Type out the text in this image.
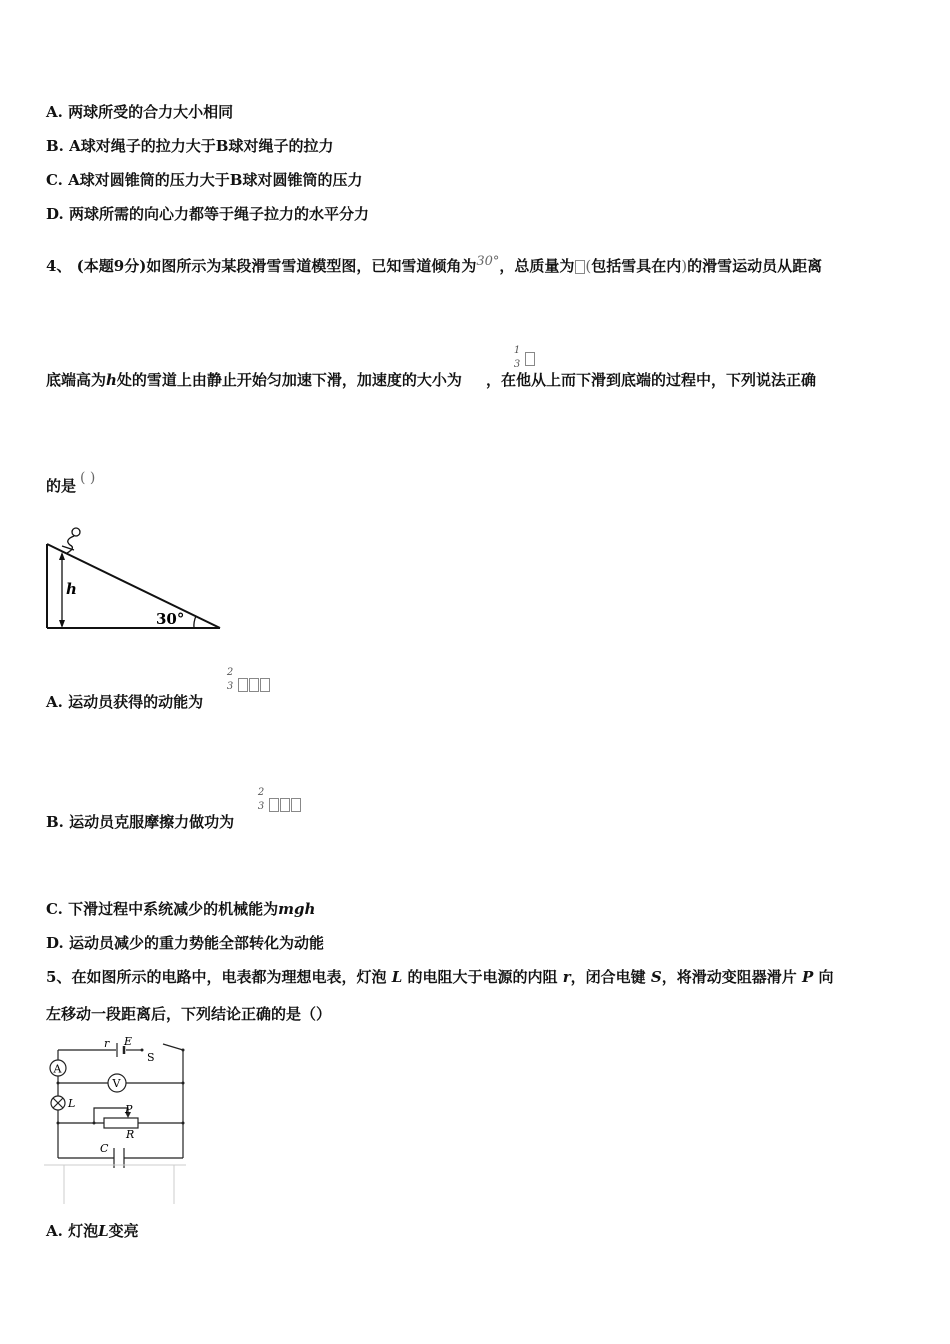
A. 两球所受的合力大小相同
B. A球对绳子的拉力大于B球对绳子的拉力
C. A球对圆锥筒的压力大于B球对圆锥筒的压力
D. 两球所需的向心力都等于绳子拉力的水平分力
4、 (本题9分)如图所示为某段滑雪雪道模型图，已知雪道倾角为30°，总质量为 (包括雪具在内)的滑雪运动员从距离
1
3
底端高为h处的雪道上由静止开始匀加速下滑，加速度的大小为 ，在他从上而下滑到底端的过程中，下列说法正确
的是 ( )
h
30°
2
3
A. 运动员获得的动能为
2
3
B. 运动员克服摩擦力做功为
C. 下滑过程中系统减少的机械能为mgh
D. 运动员减少的重力势能全部转化为动能
5、在如图所示的电路中，电表都为理想电表，灯泡 L 的电阻大于电源的内阻 r，闭合电键 S，将滑动变阻器滑片 P 向
左移动一段距离后，下列结论正确的是（）
A
V
L
r E
S
P
R
C
A. 灯泡L变亮
